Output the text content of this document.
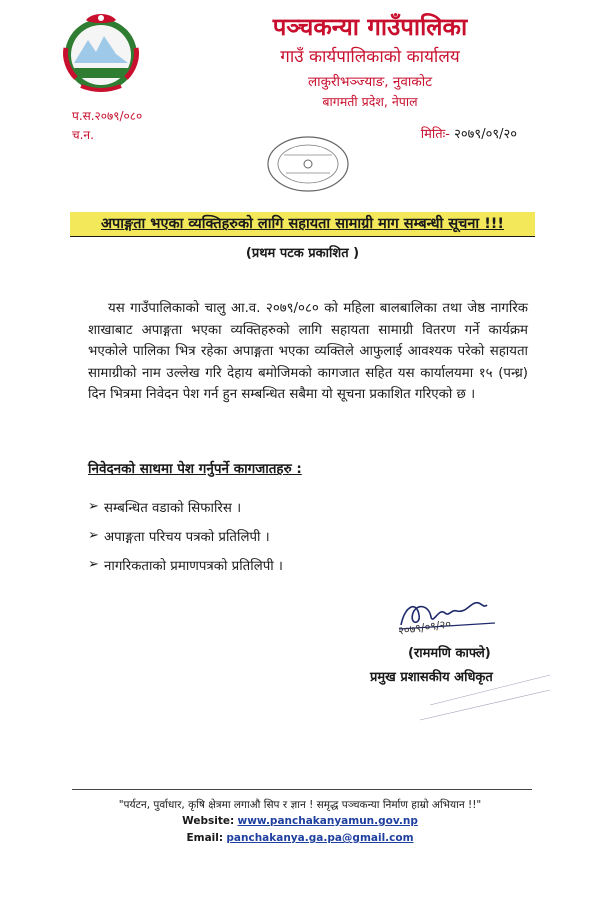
पञ्चकन्या गाउँपालिका
गाउँ कार्यपालिकाको कार्यालय
लाकुरीभञ्ज्याङ, नुवाकोट
बागमती प्रदेश, नेपाल
प.स.२०७९/०८०
च.न.	मितिः- २०७९/०९/२०
अपाङ्गता भएका व्यक्तिहरुको लागि सहायता सामाग्री माग सम्बन्धी सूचना !!!
(प्रथम पटक प्रकाशित )
यस गाउँपालिकाको चालु आ.व. २०७९/०८० को महिला बालबालिका तथा जेष्ठ नागरिक शाखाबाट अपाङ्गता भएका व्यक्तिहरुको लागि सहायता सामाग्री वितरण गर्ने कार्यक्रम भएकोले पालिका भित्र रहेका अपाङ्गता भएका व्यक्तिले आफुलाई आवश्यक परेको सहायता सामाग्रीको नाम उल्लेख गरि देहाय बमोजिमको कागजात सहित यस कार्यालयमा १५ (पन्ध्र) दिन भित्रमा निवेदन पेश गर्न हुन सम्बन्धित सबैमा यो सूचना प्रकाशित गरिएको छ ।
निवेदनको साथमा पेश गर्नुपर्ने कागजातहरु :
➢ सम्बन्धित वडाको सिफारिस ।
➢ अपाङ्गता परिचय पत्रको प्रतिलिपी ।
➢ नागरिकताको प्रमाणपत्रको प्रतिलिपी ।
२०७९/०९/२०
(राममणि काफ्ले)
प्रमुख प्रशासकीय अधिकृत
"पर्यटन, पुर्वाधार, कृषि क्षेत्रमा लगाऔ सिप र ज्ञान ! समृद्ध पञ्चकन्या निर्माण हाम्रो अभियान !!"
Website: www.panchakanyamun.gov.np
Email: panchakanya.ga.pa@gmail.com
